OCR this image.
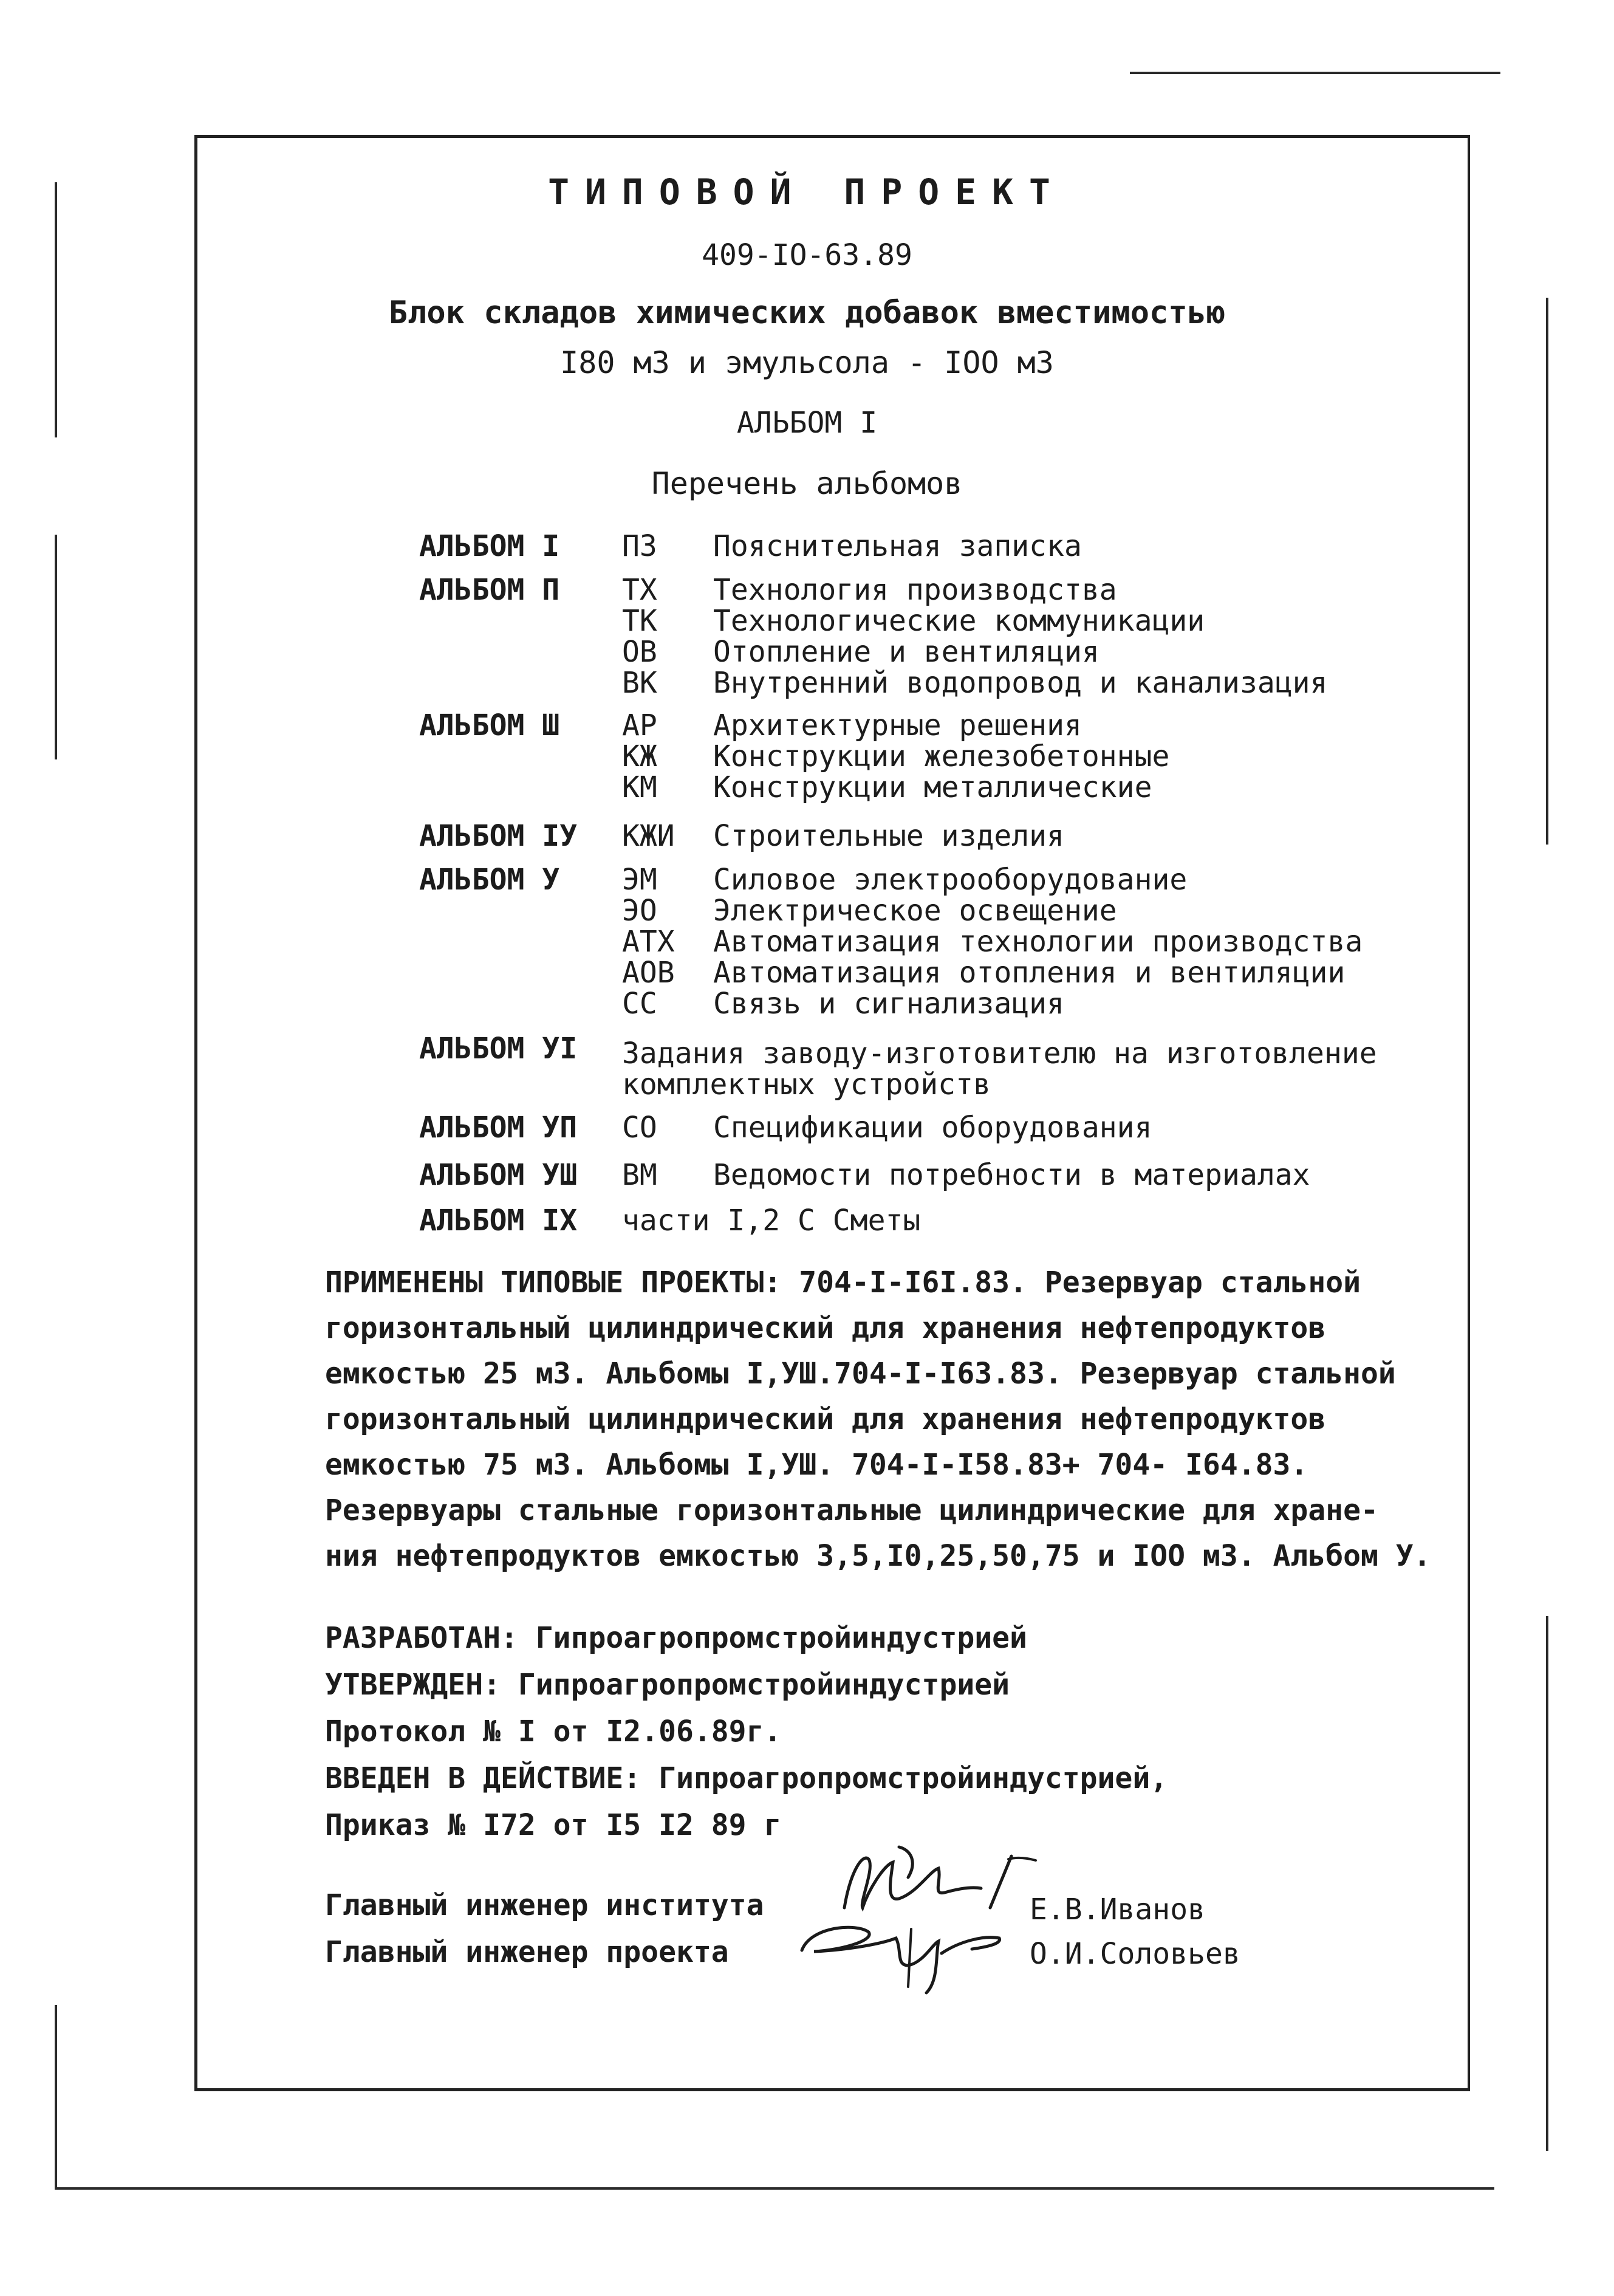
ТИПОВОЙ ПРОЕКТ
409-IO-63.89
Блок складов химических добавок вместимостью
I80 м3 и эмульсола - IOO м3
АЛЬБОМ I
Перечень альбомов
АЛЬБОМ I ПЗ Пояснительная записка
АЛЬБОМ П ТХ Технология производства
ТК Технологические коммуникации
ОВ Отопление и вентиляция
ВК Внутренний водопровод и канализация
АЛЬБОМ Ш АР Архитектурные решения
КЖ Конструкции железобетонные
КМ Конструкции металлические
АЛЬБОМ IУ КЖИ Строительные изделия
АЛЬБОМ У ЭМ Силовое электрооборудование
ЭО Электрическое освещение
АТХ Автоматизация технологии производства
АОВ Автоматизация отопления и вентиляции
СС Связь и сигнализация
АЛЬБОМ УI Задания заводу-изготовителю на изготовление
комплектных устройств
АЛЬБОМ УП СО Спецификации оборудования
АЛЬБОМ УШ ВМ Ведомости потребности в материалах
АЛЬБОМ IX части I,2 С Сметы
ПРИМЕНЕНЫ ТИПОВЫЕ ПРОЕКТЫ: 704-I-I6I.83. Резервуар стальной
горизонтальный цилиндрический для хранения нефтепродуктов
емкостью 25 м3. Альбомы I,УШ.704-I-I63.83. Резервуар стальной
горизонтальный цилиндрический для хранения нефтепродуктов
емкостью 75 м3. Альбомы I,УШ. 704-I-I58.83+ 704- I64.83.
Резервуары стальные горизонтальные цилиндрические для хране-
ния нефтепродуктов емкостью 3,5,I0,25,50,75 и IOO м3. Альбом У.
РАЗРАБОТАН: Гипроагропромстройиндустрией
УТВЕРЖДЕН: Гипроагропромстройиндустрией
Протокол № I от I2.06.89г.
ВВЕДЕН В ДЕЙСТВИЕ: Гипроагропромстройиндустрией,
Приказ № I72 от I5 I2 89 г
Главный инженер института	Е.В.Иванов
Главный инженер проекта	О.И.Соловьев
